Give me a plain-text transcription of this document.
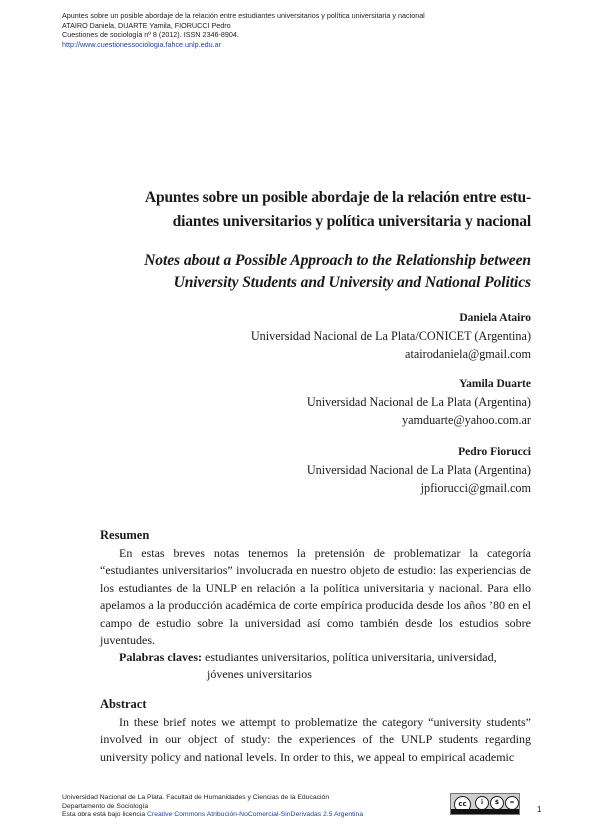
Apuntes sobre un posible abordaje de la relación entre estudiantes universitarios y política universitaria y nacional
ATAIRO Daniela, DUARTE Yamila, FIORUCCI Pedro
Cuestiones de sociología nº 8 (2012). ISSN 2346-8904.
http://www.cuestionessociologia.fahce.unlp.edu.ar
Apuntes sobre un posible abordaje de la relación entre estu-
diantes universitarios y política universitaria y nacional
Notes about a Possible Approach to the Relationship between
University Students and University and National Politics
Daniela Atairo
Universidad Nacional de La Plata/CONICET (Argentina)
atairodaniela@gmail.com
Yamila Duarte
Universidad Nacional de La Plata (Argentina)
yamduarte@yahoo.com.ar
Pedro Fiorucci
Universidad Nacional de La Plata (Argentina)
jpfiorucci@gmail.com
Resumen

En estas breves notas tenemos la pretensión de problematizar la categoría “estudiantes universitarios” involucrada en nuestro objeto de estudio: las experiencias de los estudiantes de la UNLP en relación a la política universitaria y nacional. Para ello apelamos a la producción académica de corte empírica producida desde los años ’80 en el campo de estudio sobre la universidad así como también desde los estudios sobre juventudes.

Palabras claves: estudiantes universitarios, política universitaria, universidad,
jóvenes universitarios
Abstract

In these brief notes we attempt to problematize the category “university students” involved in our object of study: the experiences of the UNLP students regarding university policy and national levels. In order to this, we appeal to empirical academic

Universidad Nacional de La Plata. Facultad de Humanidades y Ciencias de la Educación
Departamento de Sociología
Esta obra está bajo licencia Creative Commons Atribución-NoComercial-SinDerivadas 2.5 Argentina
cc	i	$	=
1
